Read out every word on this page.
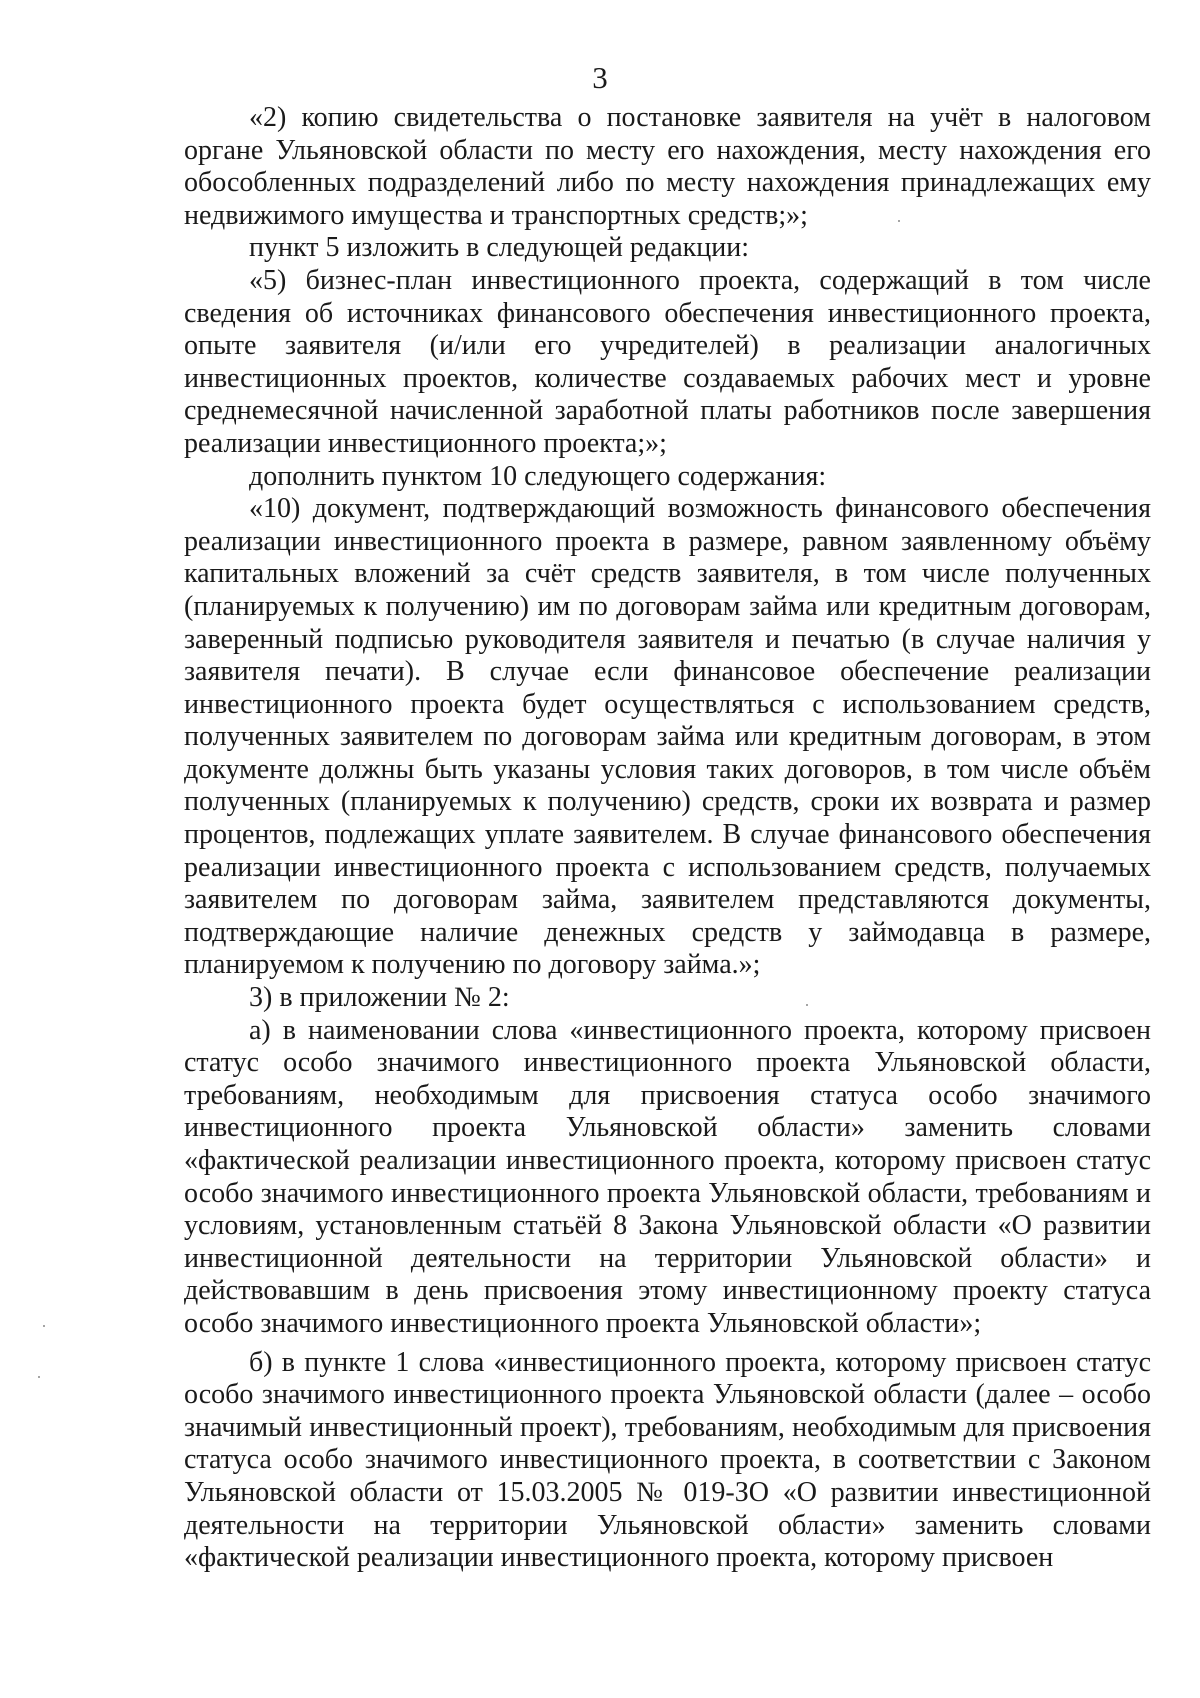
3

«2) копию свидетельства о постановке заявителя на учёт в налоговом органе Ульяновской области по месту его нахождения, месту нахождения его обособленных подразделений либо по месту нахождения принадлежащих ему недвижимого имущества и транспортных средств;»;

пункт 5 изложить в следующей редакции:

«5) бизнес-план инвестиционного проекта, содержащий в том числе сведения об источниках финансового обеспечения инвестиционного проекта, опыте заявителя (и/или его учредителей) в реализации аналогичных инвестиционных проектов, количестве создаваемых рабочих мест и уровне среднемесячной начисленной заработной платы работников после завершения реализации инвестиционного проекта;»;

дополнить пунктом 10 следующего содержания:

«10) документ, подтверждающий возможность финансового обеспечения реализации инвестиционного проекта в размере, равном заявленному объёму капитальных вложений за счёт средств заявителя, в том числе полученных (планируемых к получению) им по договорам займа или кредитным договорам, заверенный подписью руководителя заявителя и печатью (в случае наличия у заявителя печати). В случае если финансовое обеспечение реализации инвестиционного проекта будет осуществляться с использованием средств, полученных заявителем по договорам займа или кредитным договорам, в этом документе должны быть указаны условия таких договоров, в том числе объём полученных (планируемых к получению) средств, сроки их возврата и размер процентов, подлежащих уплате заявителем. В случае финансового обеспечения реализации инвестиционного проекта с использованием средств, получаемых заявителем по договорам займа, заявителем представляются документы, подтверждающие наличие денежных средств у займодавца в размере, планируемом к получению по договору займа.»;

3) в приложении № 2:

а) в наименовании слова «инвестиционного проекта, которому присвоен статус особо значимого инвестиционного проекта Ульяновской области, требованиям, необходимым для присвоения статуса особо значимого инвестиционного проекта Ульяновской области» заменить словами «фактической реализации инвестиционного проекта, которому присвоен статус особо значимого инвестиционного проекта Ульяновской области, требованиям и условиям, установленным статьёй 8 Закона Ульяновской области «О развитии инвестиционной деятельности на территории Ульяновской области» и действовавшим в день присвоения этому инвестиционному проекту статуса особо значимого инвестиционного проекта Ульяновской области»;

б) в пункте 1 слова «инвестиционного проекта, которому присвоен статус особо значимого инвестиционного проекта Ульяновской области (далее – особо значимый инвестиционный проект), требованиям, необходимым для присвоения статуса особо значимого инвестиционного проекта, в соответствии с Законом Ульяновской области от 15.03.2005 № 019-ЗО «О развитии инвестиционной деятельности на территории Ульяновской области» заменить словами «фактической реализации инвестиционного проекта, которому присвоен
